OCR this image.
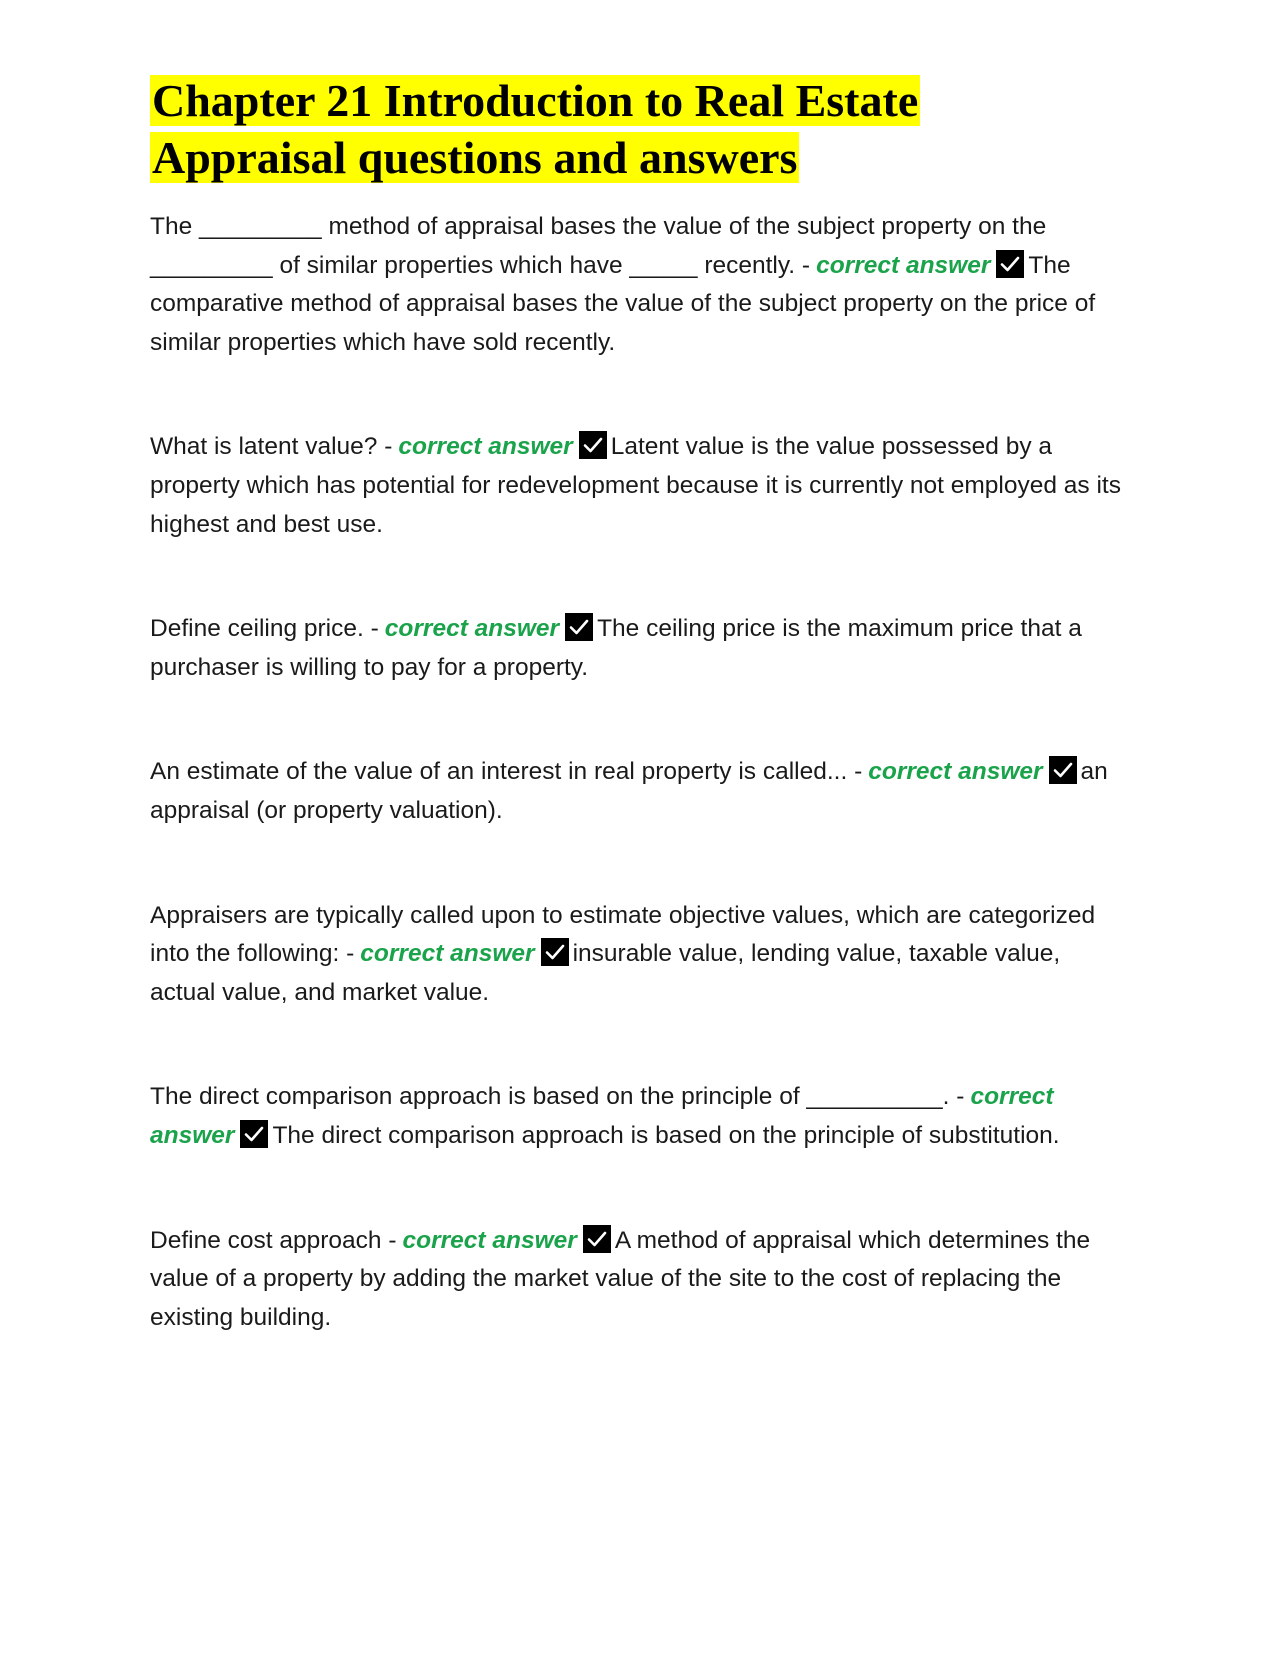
Chapter 21 Introduction to Real Estate
Appraisal questions and answers

The _________ method of appraisal bases the value of the subject property on the _________ of similar properties which have _____ recently. - correct answer The comparative method of appraisal bases the value of the subject property on the price of similar properties which have sold recently.

What is latent value? - correct answer Latent value is the value possessed by a property which has potential for redevelopment because it is currently not employed as its highest and best use.

Define ceiling price. - correct answer The ceiling price is the maximum price that a purchaser is willing to pay for a property.

An estimate of the value of an interest in real property is called... - correct answer an appraisal (or property valuation).

Appraisers are typically called upon to estimate objective values, which are categorized into the following: - correct answer insurable value, lending value, taxable value, actual value, and market value.

The direct comparison approach is based on the principle of __________. - correct answer The direct comparison approach is based on the principle of substitution.

Define cost approach - correct answer A method of appraisal which determines the value of a property by adding the market value of the site to the cost of replacing the existing building.
